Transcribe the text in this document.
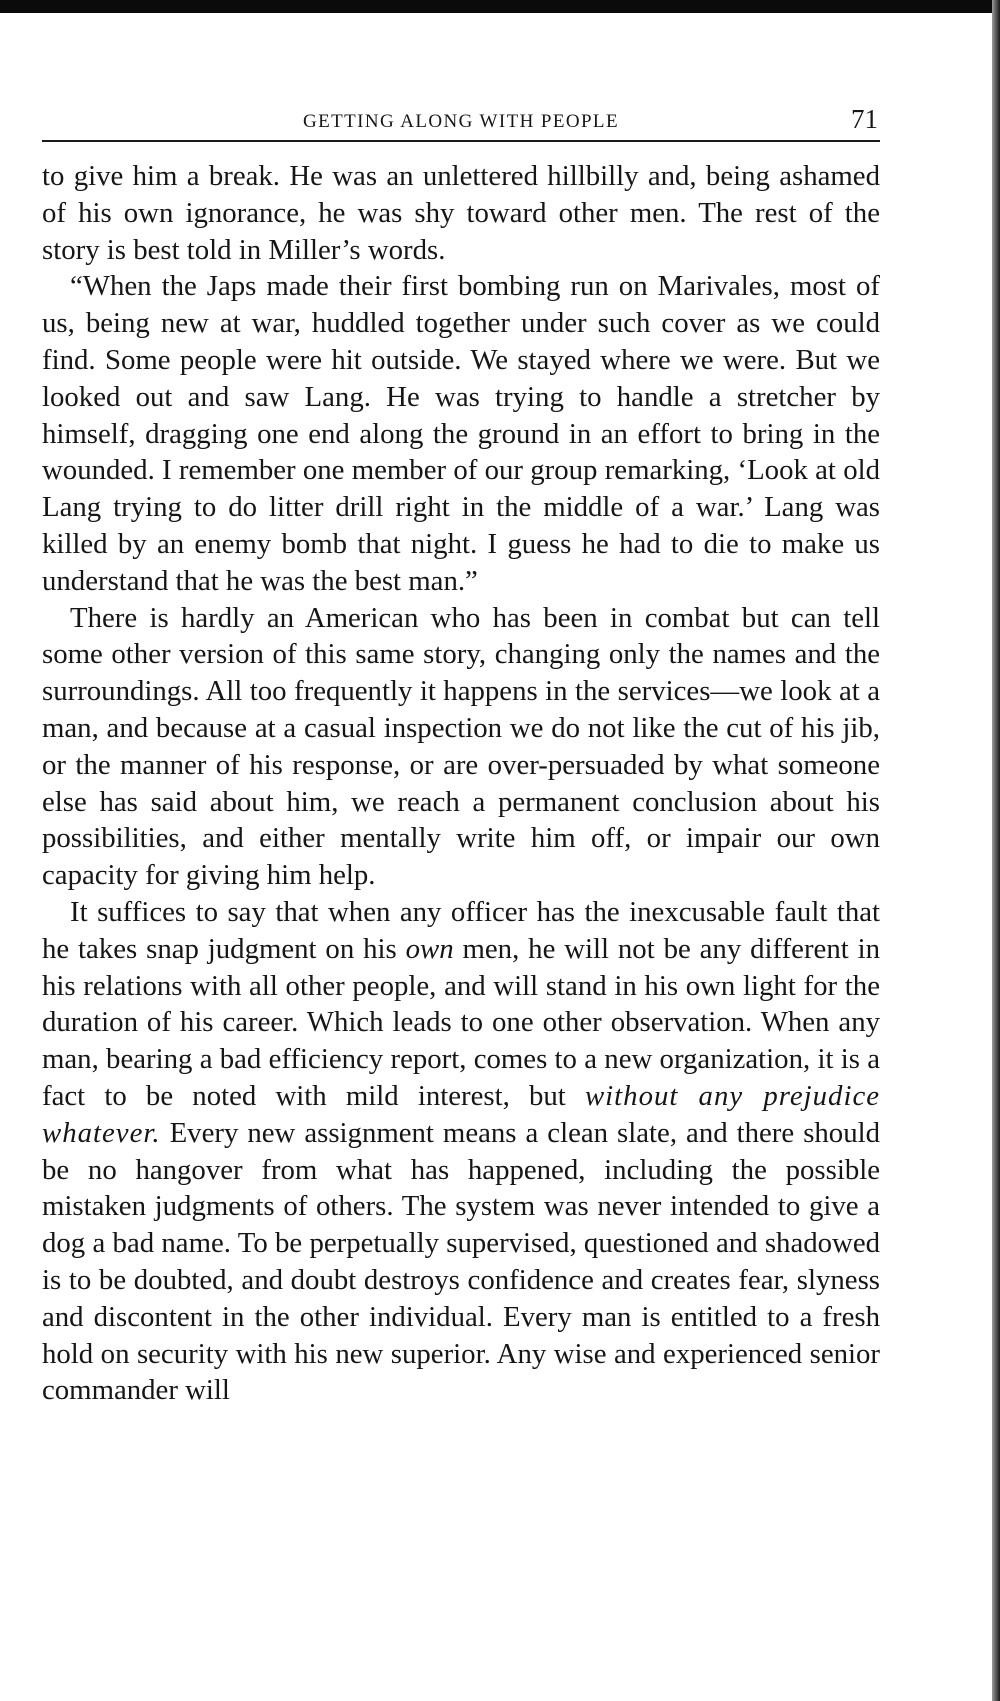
GETTING ALONG WITH PEOPLE	71

to give him a break. He was an unlettered hillbilly and, being ashamed of his own ignorance, he was shy toward other men. The rest of the story is best told in Miller’s words.

“When the Japs made their first bombing run on Marivales, most of us, being new at war, huddled together under such cover as we could find. Some people were hit outside. We stayed where we were. But we looked out and saw Lang. He was trying to handle a stretcher by himself, dragging one end along the ground in an effort to bring in the wounded. I remember one member of our group remarking, ‘Look at old Lang trying to do litter drill right in the middle of a war.’ Lang was killed by an enemy bomb that night. I guess he had to die to make us understand that he was the best man.”

There is hardly an American who has been in combat but can tell some other version of this same story, changing only the names and the surroundings. All too frequently it happens in the services—we look at a man, and because at a casual inspection we do not like the cut of his jib, or the manner of his response, or are over-persuaded by what someone else has said about him, we reach a permanent conclusion about his possibilities, and either mentally write him off, or impair our own capacity for giving him help.

It suffices to say that when any officer has the inexcusable fault that he takes snap judgment on his own men, he will not be any different in his relations with all other people, and will stand in his own light for the duration of his career. Which leads to one other observation. When any man, bearing a bad efficiency report, comes to a new organization, it is a fact to be noted with mild interest, but without any prejudice whatever. Every new assignment means a clean slate, and there should be no hangover from what has happened, including the possible mistaken judgments of others. The system was never intended to give a dog a bad name. To be perpetually supervised, questioned and shadowed is to be doubted, and doubt destroys confidence and creates fear, slyness and discontent in the other individual. Every man is entitled to a fresh hold on security with his new superior. Any wise and experienced senior commander will
